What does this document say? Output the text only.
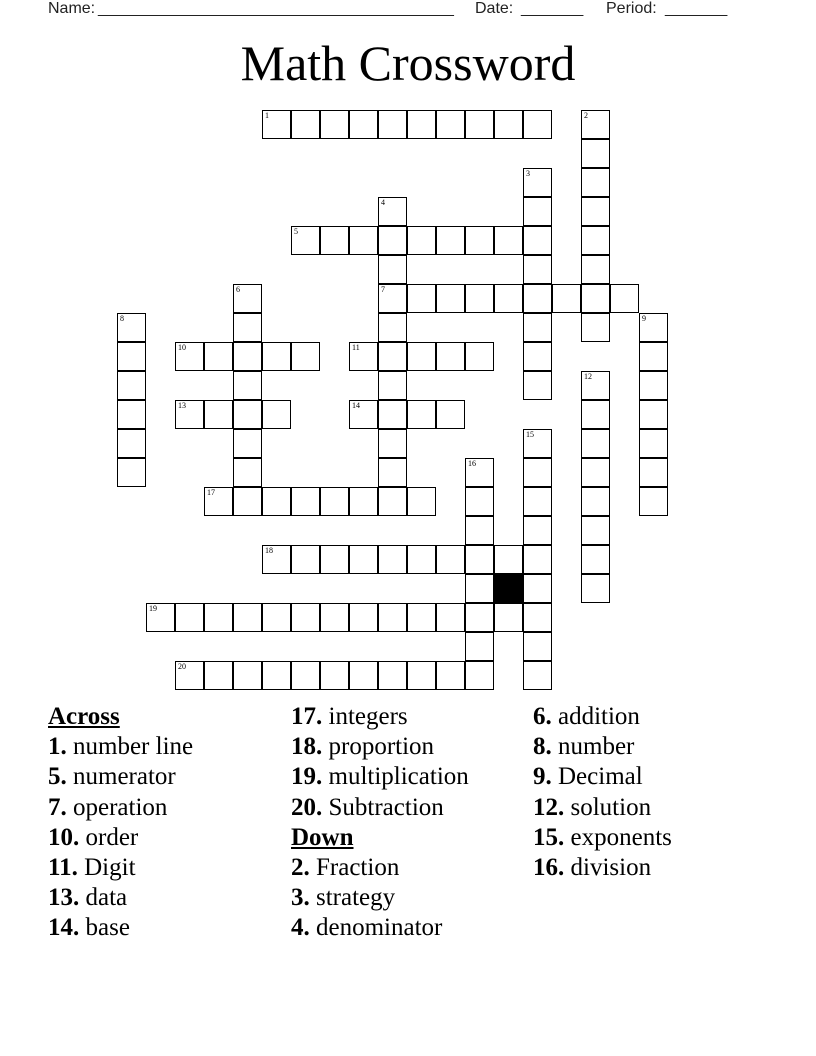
Name: ________________________________________ Date: _______ Period: _______
Math Crossword
1	2
3
4
7
5
6
8	9
10	11
12
13	14
15
16
17
18
19
20
Across
1. number line
5. numerator
7. operation
10. order
11. Digit
13. data
14. base
17. integers
18. proportion
19. multiplication
20. Subtraction
Down
2. Fraction
3. strategy
4. denominator
6. addition
8. number
9. Decimal
12. solution
15. exponents
16. division
